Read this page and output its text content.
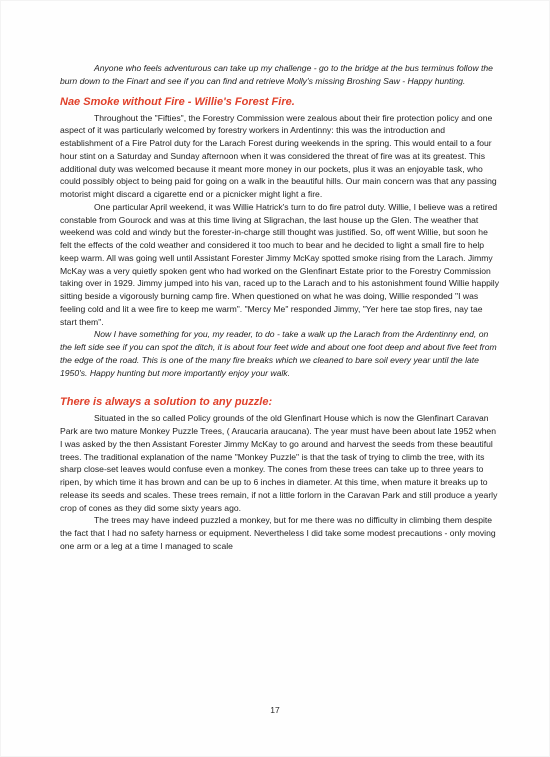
Anyone who feels adventurous can take up my challenge - go to the bridge at the bus terminus follow the burn down to the Finart and see if you can find and retrieve Molly's missing Broshing Saw - Happy hunting.

Nae Smoke without Fire - Willie's Forest Fire.

Throughout the "Fifties", the Forestry Commission were zealous about their fire protection policy and one aspect of it was particularly welcomed by forestry workers in Ardentinny: this was the introduction and establishment of a Fire Patrol duty for the Larach Forest during weekends in the spring. This would entail to a four hour stint on a Saturday and Sunday afternoon when it was considered the threat of fire was at its greatest. This additional duty was welcomed because it meant more money in our pockets, plus it was an enjoyable task, who could possibly object to being paid for going on a walk in the beautiful hills. Our main concern was that any passing motorist might discard a cigarette end or a picnicker might light a fire.

One particular April weekend, it was Willie Hatrick's turn to do fire patrol duty. Willie, I believe was a retired constable from Gourock and was at this time living at Sligrachan, the last house up the Glen. The weather that weekend was cold and windy but the forester-in-charge still thought was justified. So, off went Willie, but soon he felt the effects of the cold weather and considered it too much to bear and he decided to light a small fire to help keep warm. All was going well until Assistant Forester Jimmy McKay spotted smoke rising from the Larach. Jimmy McKay was a very quietly spoken gent who had worked on the Glenfinart Estate prior to the Forestry Commission taking over in 1929. Jimmy jumped into his van, raced up to the Larach and to his astonishment found Willie happily sitting beside a vigorously burning camp fire. When questioned on what he was doing, Willie responded "I was feeling cold and lit a wee fire to keep me warm". "Mercy Me" responded Jimmy, "Yer here tae stop fires, nay tae start them".

Now I have something for you, my reader, to do - take a walk up the Larach from the Ardentinny end, on the left side see if you can spot the ditch, it is about four feet wide and about one foot deep and about five feet from the edge of the road. This is one of the many fire breaks which we cleaned to bare soil every year until the late 1950's. Happy hunting but more importantly enjoy your walk.

There is always a solution to any puzzle:

Situated in the so called Policy grounds of the old Glenfinart House which is now the Glenfinart Caravan Park are two mature Monkey Puzzle Trees, ( Araucaria araucana). The year must have been about late 1952 when I was asked by the then Assistant Forester Jimmy McKay to go around and harvest the seeds from these beautiful trees. The traditional explanation of the name "Monkey Puzzle" is that the task of trying to climb the tree, with its sharp close-set leaves would confuse even a monkey. The cones from these trees can take up to three years to ripen, by which time it has brown and can be up to 6 inches in diameter. At this time, when mature it breaks up to release its seeds and scales. These trees remain, if not a little forlorn in the Caravan Park and still produce a yearly crop of cones as they did some sixty years ago.

The trees may have indeed puzzled a monkey, but for me there was no difficulty in climbing them despite the fact that I had no safety harness or equipment. Nevertheless I did take some modest precautions - only moving one arm or a leg at a time I managed to scale

17
